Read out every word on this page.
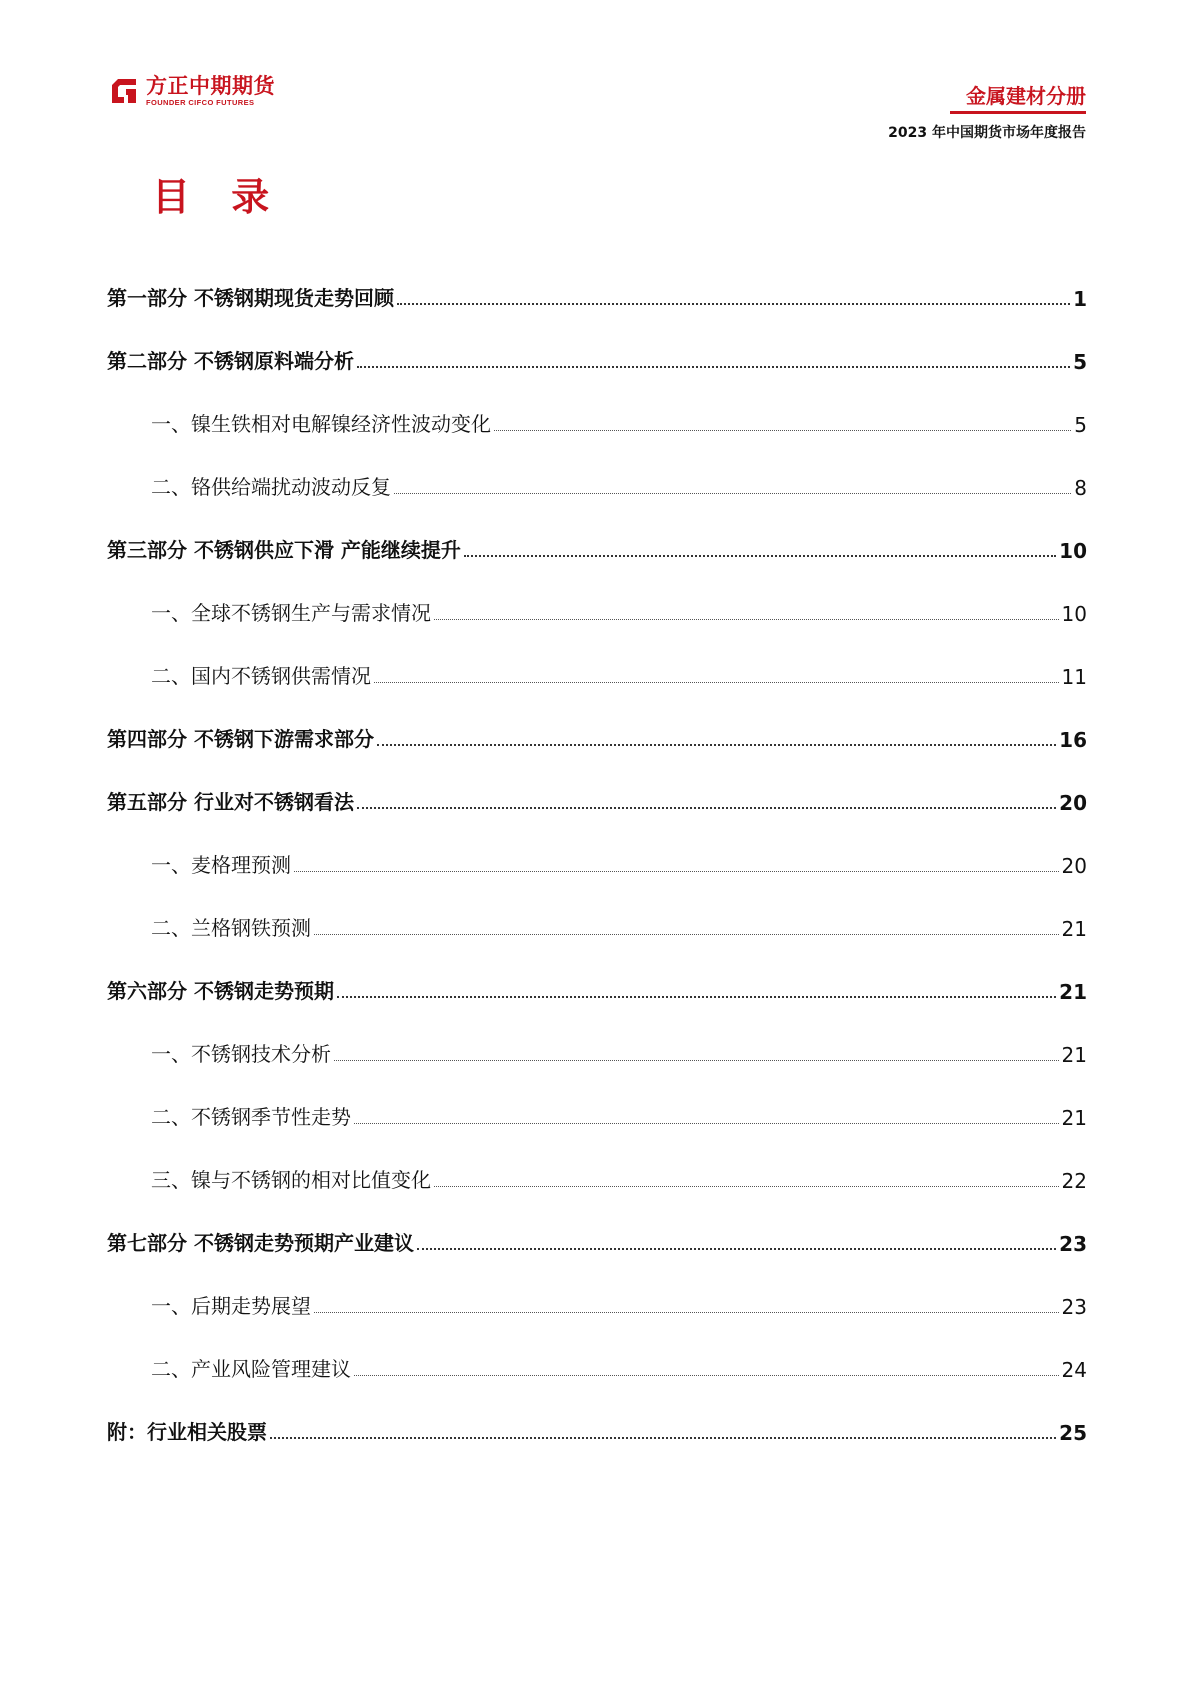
方正中期期货
FOUNDER CIFCO FUTURES	金属建材分册
2023 年中国期货市场年度报告
目 录
第一部分 不锈钢期现货走势回顾	1
第二部分 不锈钢原料端分析	5
一、镍生铁相对电解镍经济性波动变化	5
二、铬供给端扰动波动反复	8
第三部分 不锈钢供应下滑 产能继续提升	10
一、全球不锈钢生产与需求情况	10
二、国内不锈钢供需情况	11
第四部分 不锈钢下游需求部分	16
第五部分 行业对不锈钢看法	20
一、麦格理预测	20
二、兰格钢铁预测	21
第六部分 不锈钢走势预期	21
一、不锈钢技术分析	21
二、不锈钢季节性走势	21
三、镍与不锈钢的相对比值变化	22
第七部分 不锈钢走势预期产业建议	23
一、后期走势展望	23
二、产业风险管理建议	24
附：行业相关股票	25
